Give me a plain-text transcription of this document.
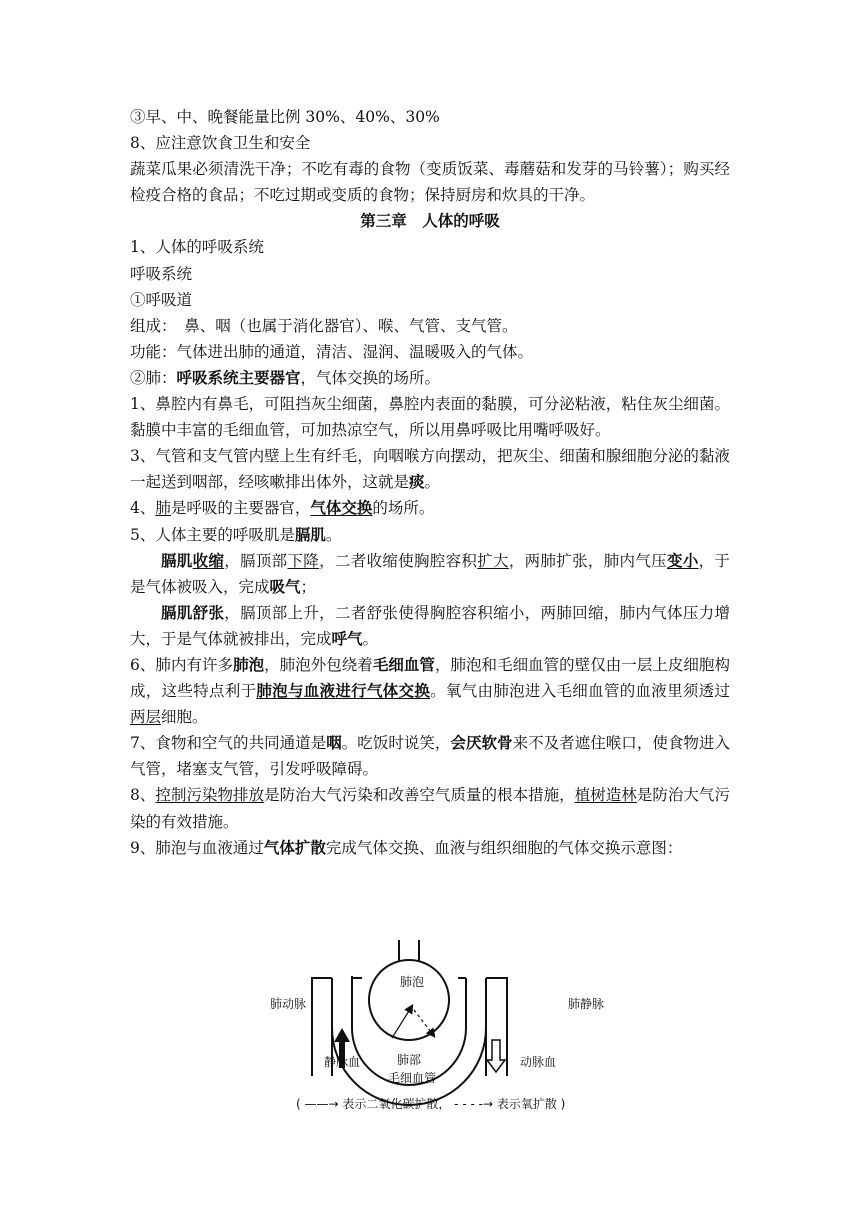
③早、中、晚餐能量比例 30%、40%、30%
8、应注意饮食卫生和安全
蔬菜瓜果必须清洗干净；不吃有毒的食物（变质饭菜、毒蘑菇和发芽的马铃薯）；购买经检疫合格的食品；不吃过期或变质的食物；保持厨房和炊具的干净。
第三章　人体的呼吸
1、人体的呼吸系统
呼吸系统
①呼吸道
组成：　鼻、咽（也属于消化器官）、喉、气管、支气管。
功能：气体进出肺的通道，清洁、湿润、温暖吸入的气体。
②肺：呼吸系统主要器官，气体交换的场所。
1、鼻腔内有鼻毛，可阻挡灰尘细菌，鼻腔内表面的黏膜，可分泌粘液，粘住灰尘细菌。黏膜中丰富的毛细血管，可加热凉空气，所以用鼻呼吸比用嘴呼吸好。
3、气管和支气管内壁上生有纤毛，向咽喉方向摆动，把灰尘、细菌和腺细胞分泌的黏液一起送到咽部，经咳嗽排出体外，这就是痰。
4、肺是呼吸的主要器官，气体交换的场所。
5、人体主要的呼吸肌是膈肌。
膈肌收缩，膈顶部下降，二者收缩使胸腔容积扩大，两肺扩张，肺内气压变小，于是气体被吸入，完成吸气；
膈肌舒张，膈顶部上升，二者舒张使得胸腔容积缩小，两肺回缩，肺内气体压力增大，于是气体就被排出，完成呼气。
6、肺内有许多肺泡，肺泡外包绕着毛细血管，肺泡和毛细血管的壁仅由一层上皮细胞构成，这些特点利于肺泡与血液进行气体交换。氧气由肺泡进入毛细血管的血液里须透过两层细胞。
7、食物和空气的共同通道是咽。吃饭时说笑，会厌软骨来不及者遮住喉口，使食物进入气管，堵塞支气管，引发呼吸障碍。
8、控制污染物排放是防治大气污染和改善空气质量的根本措施，植树造林是防治大气污染的有效措施。
9、肺泡与血液通过气体扩散完成气体交换、血液与组织细胞的气体交换示意图：
肺泡
肺动脉	肺静脉
静脉血	动脉血
肺部
毛细血管
( ——→ 表示二氧化碳扩散， - - - -→ 表示氧扩散 )
